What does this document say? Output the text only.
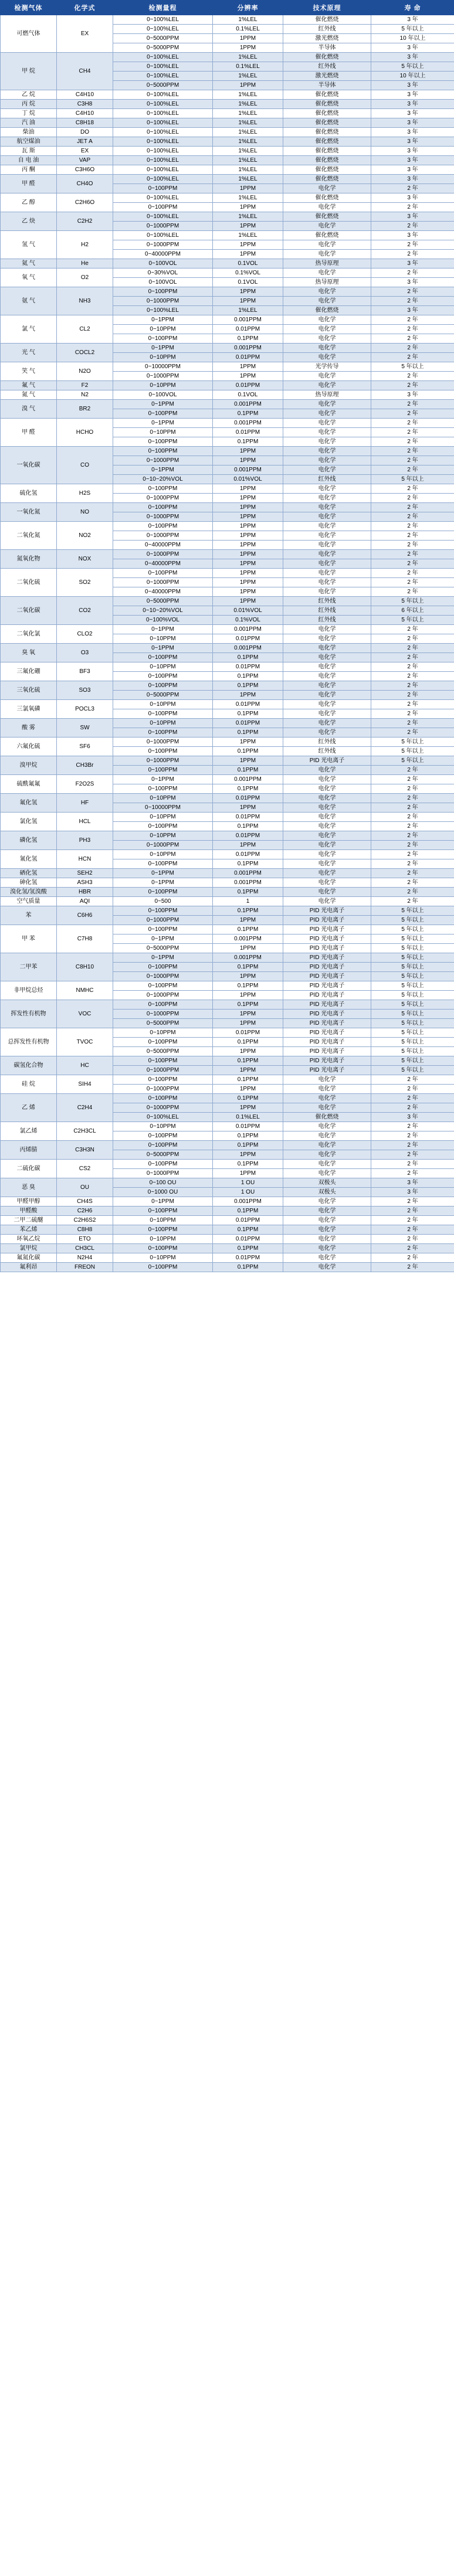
检测气体	化学式	检测量程	分辨率	技术原理	寿 命
可燃气体	EX	0~100%LEL	1%LEL	催化燃烧	3 年
		0~100%LEL	0.1%LEL	红外线	5 年以上
		0~5000PPM	1PPM	激光燃烧	10 年以上
		0~5000PPM	1PPM	半导体	3 年
甲 烷	CH4	0~100%LEL	1%LEL	催化燃烧	3 年
		0~100%LEL	0.1%LEL	红外线	5 年以上
		0~100%LEL	1%LEL	激光燃烧	10 年以上
		0~5000PPM	1PPM	半导体	3 年
乙 烷	C4H10	0~100%LEL	1%LEL	催化燃烧	3 年
丙 烷	C3H8	0~100%LEL	1%LEL	催化燃烧	3 年
丁 烷	C4H10	0~100%LEL	1%LEL	催化燃烧	3 年
汽 油	C8H18	0~100%LEL	1%LEL	催化燃烧	3 年
柴油	DO	0~100%LEL	1%LEL	催化燃烧	3 年
航空煤油	JET A	0~100%LEL	1%LEL	催化燃烧	3 年
瓦 斯	EX	0~100%LEL	1%LEL	催化燃烧	3 年
自 电 油	VAP	0~100%LEL	1%LEL	催化燃烧	3 年
丙 酮	C3H6O	0~100%LEL	1%LEL	催化燃烧	3 年
甲 醛	CH4O	0~100%LEL	1%LEL	催化燃烧	3 年
		0~100PPM	1PPM	电化学	2 年
乙 醇	C2H6O	0~100%LEL	1%LEL	催化燃烧	3 年
		0~100PPM	1PPM	电化学	2 年
乙 炔	C2H2	0~100%LEL	1%LEL	催化燃烧	3 年
		0~1000PPM	1PPM	电化学	2 年
氢 气	H2	0~100%LEL	1%LEL	催化燃烧	3 年
		0~1000PPM	1PPM	电化学	2 年
		0~40000PPM	1PPM	电化学	2 年
氦 气	He	0~100VOL	0.1VOL	热导原理	3 年
氧 气	O2	0~30%VOL	0.1%VOL	电化学	2 年
		0~100VOL	0.1VOL	热导原理	3 年
氨 气	NH3	0~100PPM	1PPM	电化学	2 年
		0~1000PPM	1PPM	电化学	2 年
		0~100%LEL	1%LEL	催化燃烧	3 年
氯 气	CL2	0~1PPM	0.001PPM	电化学	2 年
		0~10PPM	0.01PPM	电化学	2 年
		0~100PPM	0.1PPM	电化学	2 年
光 气	COCL2	0~1PPM	0.001PPM	电化学	2 年
		0~10PPM	0.01PPM	电化学	2 年
笑 气	N2O	0~10000PPM	1PPM	光学传导	5 年以上
		0~1000PPM	1PPM	电化学	2 年
氟 气	F2	0~10PPM	0.01PPM	电化学	2 年
氮 气	N2	0~100VOL	0.1VOL	热导原理	3 年
溴 气	BR2	0~1PPM	0.001PPM	电化学	2 年
		0~100PPM	0.1PPM	电化学	2 年
甲 醛	HCHO	0~1PPM	0.001PPM	电化学	2 年
		0~10PPM	0.01PPM	电化学	2 年
		0~100PPM	0.1PPM	电化学	2 年
一氧化碳	CO	0~100PPM	1PPM	电化学	2 年
		0~1000PPM	1PPM	电化学	2 年
		0~1PPM	0.001PPM	电化学	2 年
		0~10~20%VOL	0.01%VOL	红外线	5 年以上
硫化氢	H2S	0~100PPM	1PPM	电化学	2 年
		0~1000PPM	1PPM	电化学	2 年
一氧化氮	NO	0~100PPM	1PPM	电化学	2 年
		0~1000PPM	1PPM	电化学	2 年
二氧化氮	NO2	0~100PPM	1PPM	电化学	2 年
		0~1000PPM	1PPM	电化学	2 年
		0~40000PPM	1PPM	电化学	2 年
氮氧化物	NOX	0~1000PPM	1PPM	电化学	2 年
		0~40000PPM	1PPM	电化学	2 年
二氧化硫	SO2	0~100PPM	1PPM	电化学	2 年
		0~1000PPM	1PPM	电化学	2 年
		0~40000PPM	1PPM	电化学	2 年
二氧化碳	CO2	0~5000PPM	1PPM	红外线	5 年以上
		0~10~20%VOL	0.01%VOL	红外线	6 年以上
		0~100%VOL	0.1%VOL	红外线	5 年以上
二氧化氯	CLO2	0~1PPM	0.001PPM	电化学	2 年
		0~10PPM	0.01PPM	电化学	2 年
臭 氧	O3	0~1PPM	0.001PPM	电化学	2 年
		0~100PPM	0.1PPM	电化学	2 年
三氟化硼	BF3	0~10PPM	0.01PPM	电化学	2 年
		0~100PPM	0.1PPM	电化学	2 年
三氧化硫	SO3	0~100PPM	0.1PPM	电化学	2 年
		0~5000PPM	1PPM	电化学	2 年
三氯氧磷	POCL3	0~10PPM	0.01PPM	电化学	2 年
		0~100PPM	0.1PPM	电化学	2 年
酸 雾	SW	0~10PPM	0.01PPM	电化学	2 年
		0~100PPM	0.1PPM	电化学	2 年
六氟化硫	SF6	0~1000PPM	1PPM	红外线	5 年以上
		0~100PPM	0.1PPM	红外线	5 年以上
溴甲烷	CH3Br	0~1000PPM	1PPM	PID 光电离子	5 年以上
		0~100PPM	0.1PPM	电化学	2 年
硫酰氟氟	F2O2S	0~1PPM	0.001PPM	电化学	2 年
		0~100PPM	0.1PPM	电化学	2 年
氟化氢	HF	0~10PPM	0.01PPM	电化学	2 年
		0~10000PPM	1PPM	电化学	2 年
氯化氢	HCL	0~10PPM	0.01PPM	电化学	2 年
		0~100PPM	0.1PPM	电化学	2 年
磷化氢	PH3	0~10PPM	0.01PPM	电化学	2 年
		0~1000PPM	1PPM	电化学	2 年
氰化氢	HCN	0~10PPM	0.01PPM	电化学	2 年
		0~100PPM	0.1PPM	电化学	2 年
硒化氢	SEH2	0~1PPM	0.001PPM	电化学	2 年
砷化氢	ASH3	0~1PPM	0.001PPM	电化学	2 年
溴化氢/氢溴酸	HBR	0~100PPM	0.1PPM	电化学	2 年
空气质量	AQI	0~500	1	电化学	2 年
苯	C6H6	0~100PPM	0.1PPM	PID 光电离子	5 年以上
		0~1000PPM	1PPM	PID 光电离子	5 年以上
甲 苯	C7H8	0~100PPM	0.1PPM	PID 光电离子	5 年以上
		0~1PPM	0.001PPM	PID 光电离子	5 年以上
		0~5000PPM	1PPM	PID 光电离子	5 年以上
二甲苯	C8H10	0~1PPM	0.001PPM	PID 光电离子	5 年以上
		0~100PPM	0.1PPM	PID 光电离子	5 年以上
		0~1000PPM	1PPM	PID 光电离子	5 年以上
非甲烷总烃	NMHC	0~100PPM	0.1PPM	PID 光电离子	5 年以上
		0~1000PPM	1PPM	PID 光电离子	5 年以上
挥发性有机物	VOC	0~100PPM	0.1PPM	PID 光电离子	5 年以上
		0~1000PPM	1PPM	PID 光电离子	5 年以上
		0~5000PPM	1PPM	PID 光电离子	5 年以上
总挥发性有机物	TVOC	0~10PPM	0.01PPM	PID 光电离子	5 年以上
		0~100PPM	0.1PPM	PID 光电离子	5 年以上
		0~5000PPM	1PPM	PID 光电离子	5 年以上
碳氢化合物	HC	0~100PPM	0.1PPM	PID 光电离子	5 年以上
		0~1000PPM	1PPM	PID 光电离子	5 年以上
硅 烷	SIH4	0~100PPM	0.1PPM	电化学	2 年
		0~1000PPM	1PPM	电化学	2 年
乙 烯	C2H4	0~100PPM	0.1PPM	电化学	2 年
		0~1000PPM	1PPM	电化学	2 年
		0~100%LEL	0.1%LEL	催化燃烧	3 年
氯乙烯	C2H3CL	0~10PPM	0.01PPM	电化学	2 年
		0~100PPM	0.1PPM	电化学	2 年
丙烯腈	C3H3N	0~100PPM	0.1PPM	电化学	2 年
		0~5000PPM	1PPM	电化学	2 年
二硫化碳	CS2	0~100PPM	0.1PPM	电化学	2 年
		0~1000PPM	1PPM	电化学	2 年
恶 臭	OU	0~100 OU	1 OU	双极头	3 年
		0~1000 OU	1 OU	双极头	3 年
甲醛甲醇	CH4S	0~1PPM	0.001PPM	电化学	2 年
甲醛酸	C2H6	0~100PPM	0.1PPM	电化学	2 年
二甲二硫醚	C2H6S2	0~10PPM	0.01PPM	电化学	2 年
苯乙烯	C8H8	0~100PPM	0.1PPM	电化学	2 年
环氧乙烷	ETO	0~10PPM	0.01PPM	电化学	2 年
氯甲烷	CH3CL	0~100PPM	0.1PPM	电化学	2 年
氟氮化碳	N2H4	0~10PPM	0.01PPM	电化学	2 年
氟利昂	FREON	0~100PPM	0.1PPM	电化学	2 年
